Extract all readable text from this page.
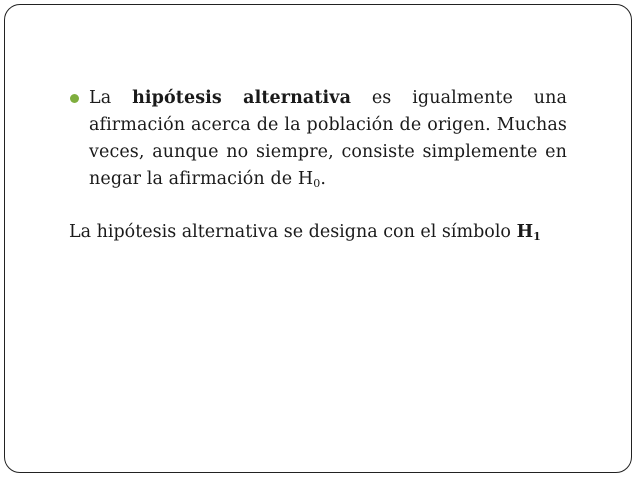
La hipótesis alternativa es igualmente una afirmación acerca de la población de origen. Muchas veces, aunque no siempre, consiste simplemente en negar la afirmación de $H_0$.
La hipótesis alternativa se designa con el símbolo $H_1$
